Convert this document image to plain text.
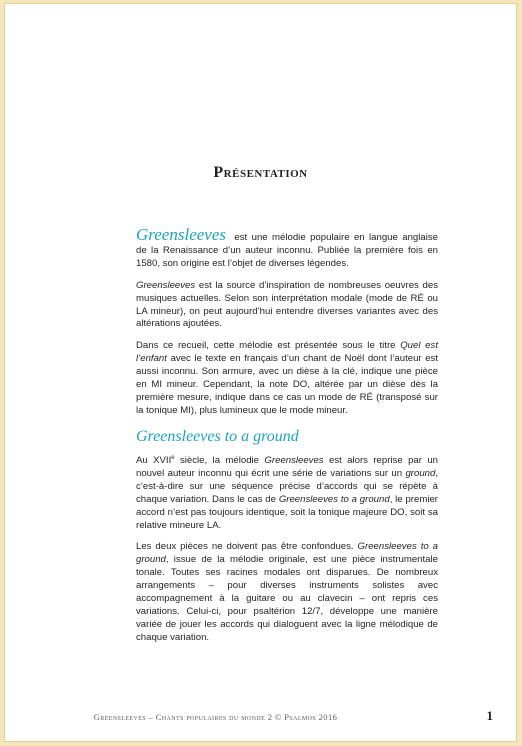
Présentation

Greensleeves est une mélodie populaire en langue anglaise de la Renaissance d’un auteur inconnu. Publiée la première fois en 1580, son origine est l’objet de diverses légendes.

Greensleeves est la source d’inspiration de nombreuses oeuvres des musiques actuelles. Selon son interprétation modale (mode de RÉ ou LA mineur), on peut aujourd’hui entendre diverses variantes avec des altérations ajoutées.

Dans ce recueil, cette mélodie est présentée sous le titre Quel est l’enfant avec le texte en français d’un chant de Noël dont l’auteur est aussi inconnu. Son armure, avec un dièse à la clé, indique une pièce en MI mineur. Cependant, la note DO, altérée par un dièse dès la première mesure, indique dans ce cas un mode de RÉ (transposé sur la tonique MI), plus lumineux que le mode mineur.

Greensleeves to a ground

Au XVIIe siècle, la mélodie Greensleeves est alors reprise par un nouvel auteur inconnu qui écrit une série de variations sur un ground, c’est-à-dire sur une séquence précise d’accords qui se répète à chaque variation. Dans le cas de Greensleeves to a ground, le premier accord n’est pas toujours identique, soit la tonique majeure DO, soit sa relative mineure LA.

Les deux pièces ne doivent pas être confondues. Greensleeves to a ground, issue de la mélodie originale, est une pièce instrumentale tonale. Toutes ses racines modales ont disparues. De nombreux arrangements – pour diverses instruments solistes avec accompagnement à la guitare ou au clavecin – ont repris ces variations. Celui-ci, pour psaltérion 12/7, développe une manière variée de jouer les accords qui dialoguent avec la ligne mélodique de chaque variation.

Greensleeves – Chants populaires du monde 2 © Psalmos 2016	1
